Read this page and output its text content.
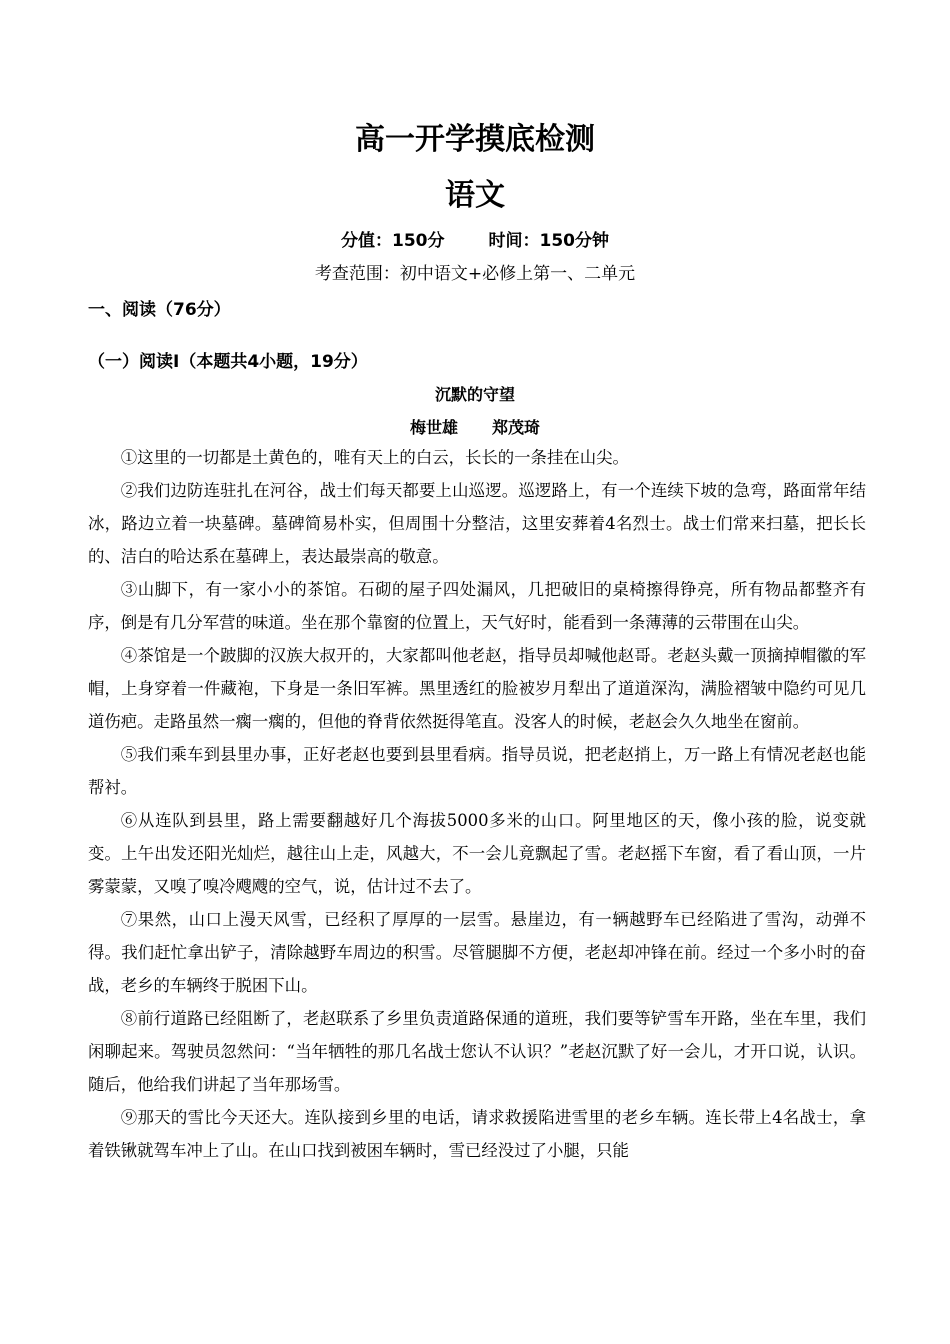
高一开学摸底检测
语文
分值：150分	时间：150分钟
考查范围：初中语文+必修上第一、二单元
一、阅读（76分）
（一）阅读Ⅰ（本题共4小题，19分）
沉默的守望
梅世雄 郑茂琦

①这里的一切都是土黄色的，唯有天上的白云，长长的一条挂在山尖。

②我们边防连驻扎在河谷，战士们每天都要上山巡逻。巡逻路上，有一个连续下坡的急弯，路面常年结冰，路边立着一块墓碑。墓碑简易朴实，但周围十分整洁，这里安葬着4名烈士。战士们常来扫墓，把长长的、洁白的哈达系在墓碑上，表达最崇高的敬意。

③山脚下，有一家小小的茶馆。石砌的屋子四处漏风，几把破旧的桌椅擦得铮亮，所有物品都整齐有序，倒是有几分军营的味道。坐在那个靠窗的位置上，天气好时，能看到一条薄薄的云带围在山尖。

④茶馆是一个跛脚的汉族大叔开的，大家都叫他老赵，指导员却喊他赵哥。老赵头戴一顶摘掉帽徽的军帽，上身穿着一件藏袍，下身是一条旧军裤。黑里透红的脸被岁月犁出了道道深沟，满脸褶皱中隐约可见几道伤疤。走路虽然一瘸一瘸的，但他的脊背依然挺得笔直。没客人的时候，老赵会久久地坐在窗前。

⑤我们乘车到县里办事，正好老赵也要到县里看病。指导员说，把老赵捎上，万一路上有情况老赵也能帮衬。

⑥从连队到县里，路上需要翻越好几个海拔5000多米的山口。阿里地区的天，像小孩的脸，说变就变。上午出发还阳光灿烂，越往山上走，风越大，不一会儿竟飘起了雪。老赵摇下车窗，看了看山顶，一片雾蒙蒙，又嗅了嗅冷飕飕的空气，说，估计过不去了。

⑦果然，山口上漫天风雪，已经积了厚厚的一层雪。悬崖边，有一辆越野车已经陷进了雪沟，动弹不得。我们赶忙拿出铲子，清除越野车周边的积雪。尽管腿脚不方便，老赵却冲锋在前。经过一个多小时的奋战，老乡的车辆终于脱困下山。

⑧前行道路已经阻断了，老赵联系了乡里负责道路保通的道班，我们要等铲雪车开路，坐在车里，我们闲聊起来。驾驶员忽然问：“当年牺牲的那几名战士您认不认识？”老赵沉默了好一会儿，才开口说，认识。随后，他给我们讲起了当年那场雪。

⑨那天的雪比今天还大。连队接到乡里的电话，请求救援陷进雪里的老乡车辆。连长带上4名战士，拿着铁锹就驾车冲上了山。在山口找到被困车辆时，雪已经没过了小腿，只能
